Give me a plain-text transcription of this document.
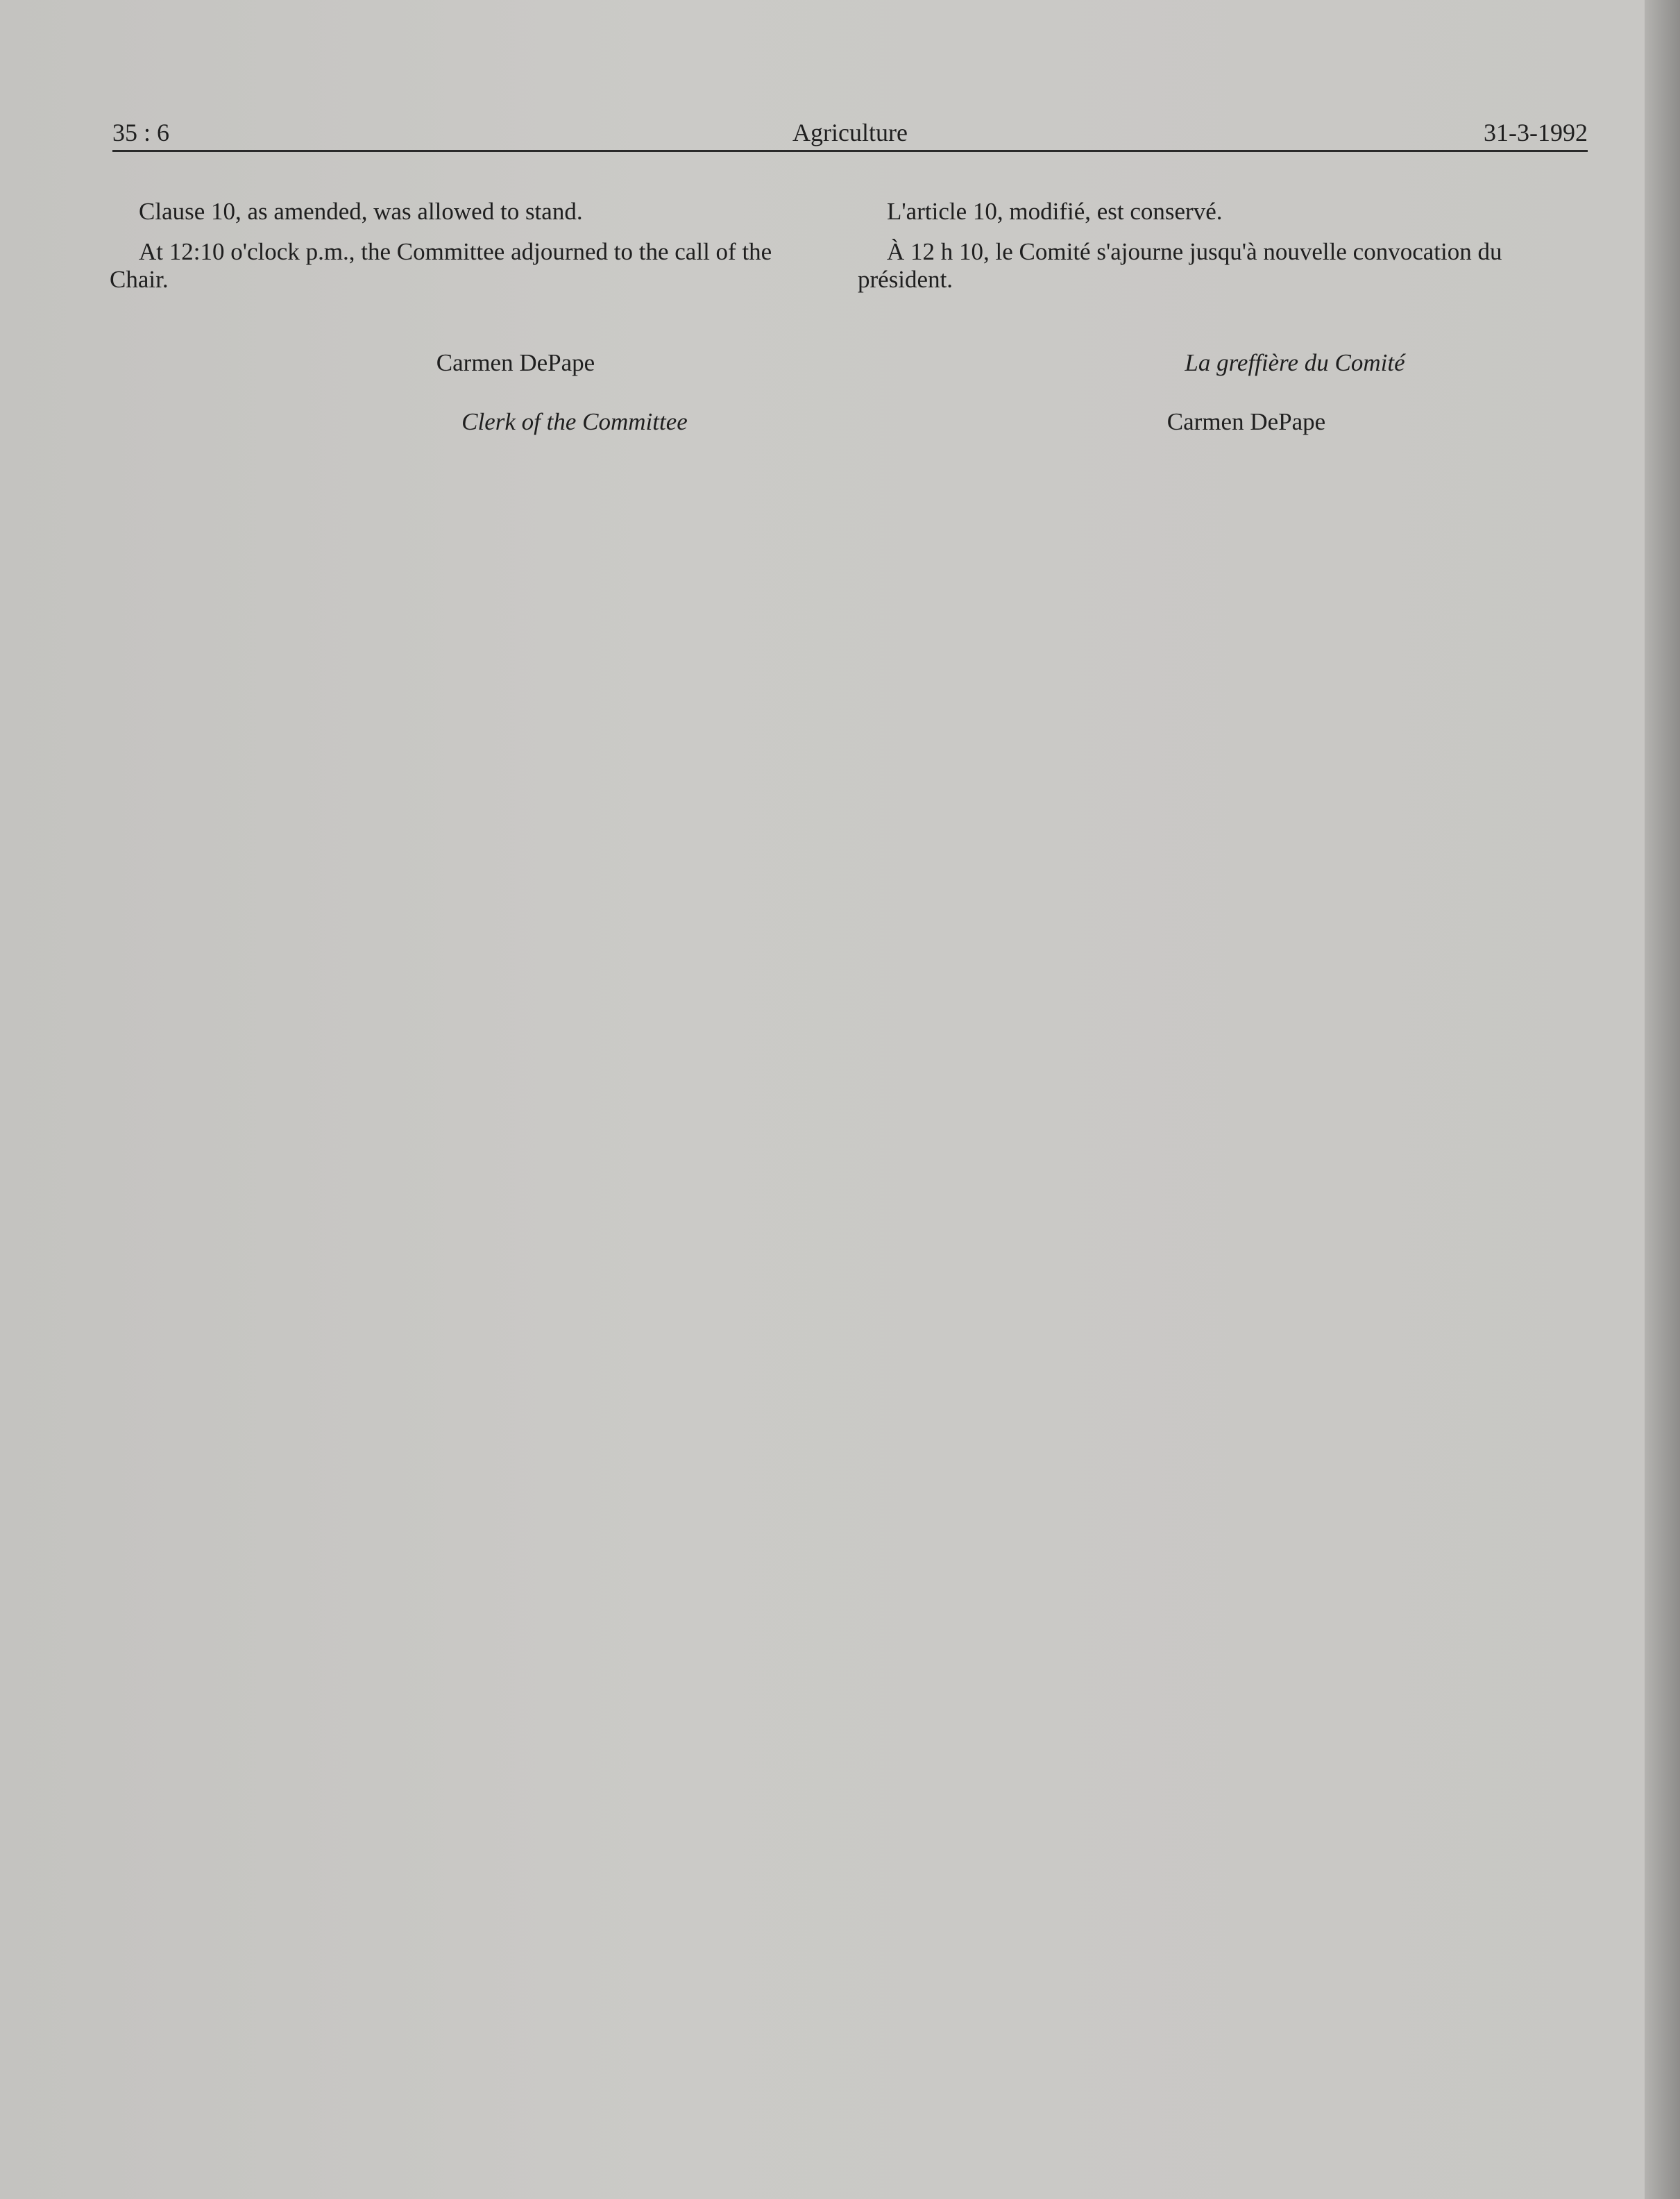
35 : 6	Agriculture	31-3-1992

Clause 10, as amended, was allowed to stand.

At 12:10 o'clock p.m., the Committee adjourned to the call of the Chair.

Carmen DePape

Clerk of the Committee

L'article 10, modifié, est conservé.

À 12 h 10, le Comité s'ajourne jusqu'à nouvelle convocation du président.

La greffière du Comité

Carmen DePape
